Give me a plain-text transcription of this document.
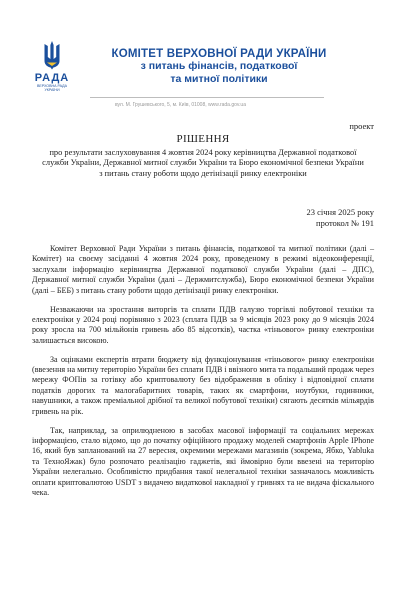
РАДА
ВЕРХОВНА РАДА
УКРАЇНИ
КОМІТЕТ ВЕРХОВНОЇ РАДИ УКРАЇНИ
з питань фінансів, податкової
та митної політики
вул. М. Грушевського, 5, м. Київ, 01008, www.rada.gov.ua
проект
РІШЕННЯ
про результати заслуховування 4 жовтня 2024 року керівництва Державної податкової служби України, Державної митної служби України та Бюро економічної безпеки України з питань стану роботи щодо детінізації ринку електроніки
23 січня 2025 року
протокол № 191

Комітет Верховної Ради України з питань фінансів, податкової та митної політики (далі – Комітет) на своєму засіданні 4 жовтня 2024 року, проведеному в режимі відеоконференції, заслухали інформацію керівництва Державної податкової служби України (далі – ДПС), Державної митної служби України (далі – Держмитслужба), Бюро економічної безпеки України (далі – БЕБ) з питань стану роботи щодо детінізації ринку електроніки.

Незважаючи на зростання виторгів та сплати ПДВ галузю торгівлі побутової техніки та електроніки у 2024 році порівняно з 2023 (сплата ПДВ за 9 місяців 2023 року до 9 місяців 2024 року зросла на 700 мільйонів гривень або 85 відсотків), частка «тіньового» ринку електроніки залишається високою.

За оцінками експертів втрати бюджету від функціонування «тіньового» ринку електроніки (ввезення на митну територію України без сплати ПДВ і ввізного мита та подальший продаж через мережу ФОПів за готівку або криптовалюту без відображення в обліку і відповідної сплати податків дорогих та малогабаритних товарів, таких як смартфони, ноутбуки, годинники, навушники, а також преміальної дрібної та великої побутової техніки) сягають десятків мільярдів гривень на рік.

Так, наприклад, за оприлюдненою в засобах масової інформації та соціальних мережах інформацією, стало відомо, що до початку офіційного продажу моделей смартфонів Apple IPhone 16, який був запланований на 27 вересня, окремими мережами магазинів (зокрема, Ябко, Yabluka та ТехноЯжак) було розпочато реалізацію гаджетів, які ймовірно були ввезені на територію України нелегально. Особливістю придбання такої нелегальної техніки зазначалось можливість оплати криптовалютою USDT з видачею видаткової накладної у гривнях та не видача фіскального чека.
